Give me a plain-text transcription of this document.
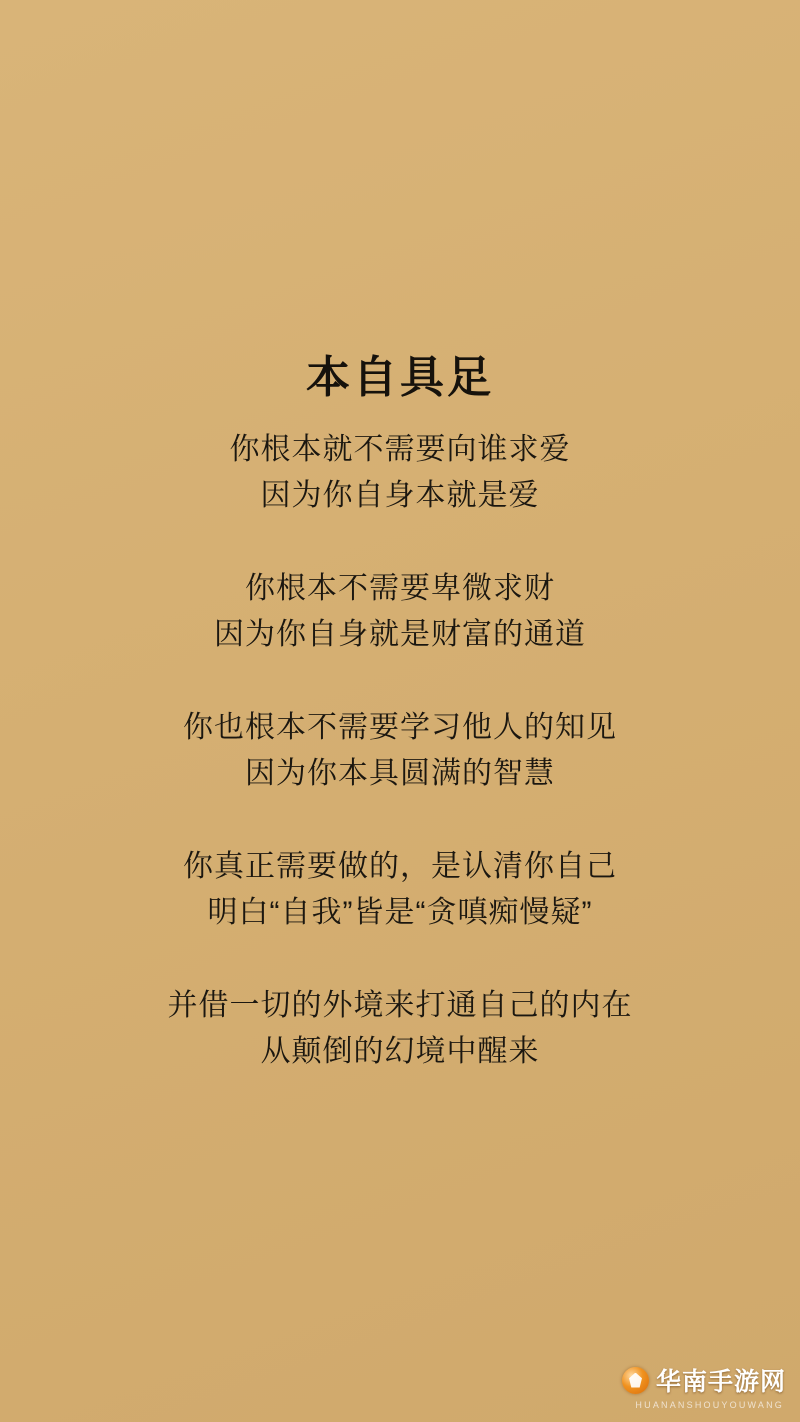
本自具足
你根本就不需要向谁求爱
因为你自身本就是爱
你根本不需要卑微求财
因为你自身就是财富的通道
你也根本不需要学习他人的知见
因为你本具圆满的智慧
你真正需要做的，是认清你自己
明白“自我”皆是“贪嗔痴慢疑”
并借一切的外境来打通自己的内在
从颠倒的幻境中醒来
华南手游网
HUANANSHOUYOUWANG
